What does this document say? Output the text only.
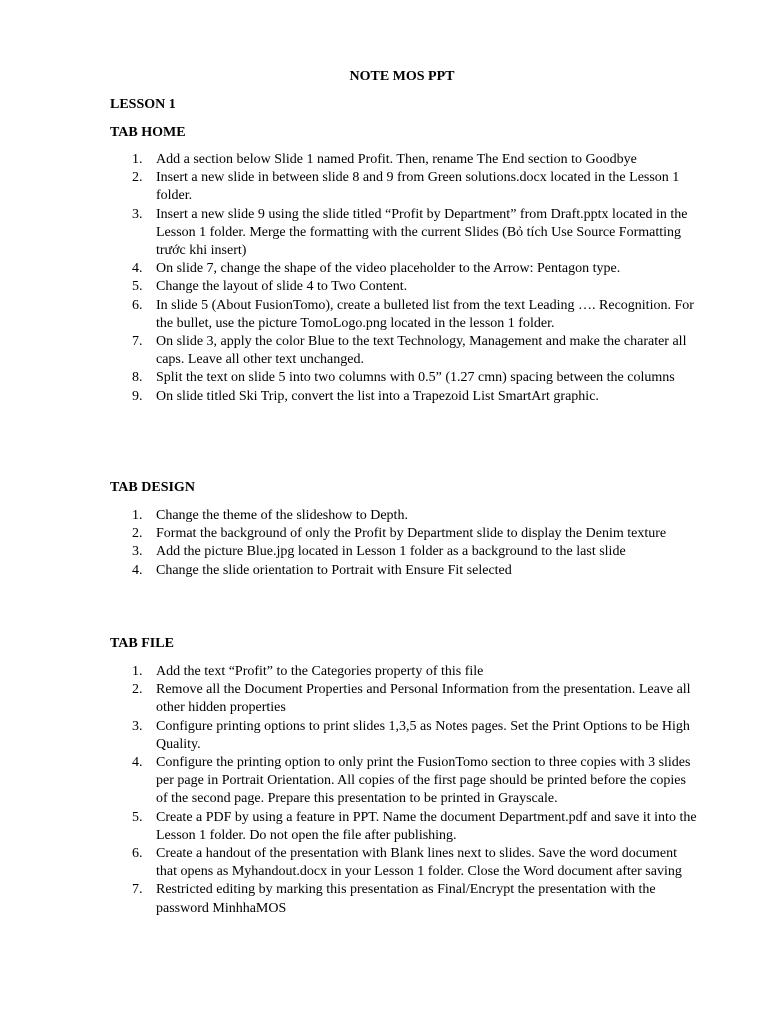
NOTE MOS PPT

LESSON 1

TAB HOME

1. Add a section below Slide 1 named Profit. Then, rename The End section to Goodbye
2. Insert a new slide in between slide 8 and 9 from Green solutions.docx located in the Lesson 1 folder.
3. Insert a new slide 9 using the slide titled “Profit by Department” from Draft.pptx located in the Lesson 1 folder. Merge the formatting with the current Slides (Bỏ tích Use Source Formatting trước khi insert)
4. On slide 7, change the shape of the video placeholder to the Arrow: Pentagon type.
5. Change the layout of slide 4 to Two Content.
6. In slide 5 (About FusionTomo), create a bulleted list from the text Leading …. Recognition. For the bullet, use the picture TomoLogo.png located in the lesson 1 folder.
7. On slide 3, apply the color Blue to the text Technology, Management and make the charater all caps. Leave all other text unchanged.
8. Split the text on slide 5 into two columns with 0.5” (1.27 cmn) spacing between the columns
9. On slide titled Ski Trip, convert the list into a Trapezoid List SmartArt graphic.

TAB DESIGN

1. Change the theme of the slideshow to Depth.
2. Format the background of only the Profit by Department slide to display the Denim texture
3. Add the picture Blue.jpg located in Lesson 1 folder as a background to the last slide
4. Change the slide orientation to Portrait with Ensure Fit selected

TAB FILE

1. Add the text “Profit” to the Categories property of this file
2. Remove all the Document Properties and Personal Information from the presentation. Leave all other hidden properties
3. Configure printing options to print slides 1,3,5 as Notes pages. Set the Print Options to be High Quality.
4. Configure the printing option to only print the FusionTomo section to three copies with 3 slides per page in Portrait Orientation. All copies of the first page should be printed before the copies of the second page. Prepare this presentation to be printed in Grayscale.
5. Create a PDF by using a feature in PPT. Name the document Department.pdf and save it into the Lesson 1 folder. Do not open the file after publishing.
6. Create a handout of the presentation with Blank lines next to slides. Save the word document that opens as Myhandout.docx in your Lesson 1 folder. Close the Word document after saving
7. Restricted editing by marking this presentation as Final/Encrypt the presentation with the password MinhhaMOS
